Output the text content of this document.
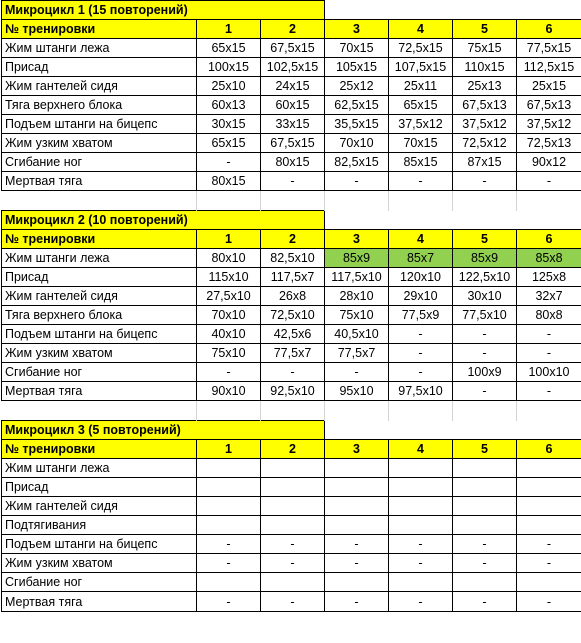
Микроцикл 1 (15 повторений)						
№ тренировки	1	2	3	4	5	6
Жим штанги лежа	65x15	67,5x15	70x15	72,5x15	75x15	77,5x15
Присад	100x15	102,5x15	105x15	107,5x15	110x15	112,5x15
Жим гантелей сидя	25x10	24x15	25x12	25x11	25x13	25x15
Тяга верхнего блока	60x13	60x15	62,5x15	65x15	67,5x13	67,5x13
Подъем штанги на бицепс	30x15	33x15	35,5x15	37,5x12	37,5x12	37,5x12
Жим узким хватом	65x15	67,5x15	70x10	70x15	72,5x12	72,5x13
Сгибание ног	-	80x15	82,5x15	85x15	87x15	90x12
Мертвая тяга	80x15	-	-	-	-	-

Микроцикл 2 (10 повторений)						
№ тренировки	1	2	3	4	5	6
Жим штанги лежа	80x10	82,5x10	85x9	85x7	85x9	85x8
Присад	115x10	117,5x7	117,5x10	120x10	122,5x10	125x8
Жим гантелей сидя	27,5x10	26x8	28x10	29x10	30x10	32x7
Тяга верхнего блока	70x10	72,5x10	75x10	77,5x9	77,5x10	80x8
Подъем штанги на бицепс	40x10	42,5x6	40,5x10	-	-	-
Жим узким хватом	75x10	77,5x7	77,5x7	-	-	-
Сгибание ног	-	-	-	-	100x9	100x10
Мертвая тяга	90x10	92,5x10	95x10	97,5x10	-	-

Микроцикл 3 (5 повторений)						
№ тренировки	1	2	3	4	5	6
Жим штанги лежа						
Присад						
Жим гантелей сидя						
Подтягивания						
Подъем штанги на бицепс	-	-	-	-	-	-
Жим узким хватом	-	-	-	-	-	-
Сгибание ног						
Мертвая тяга	-	-	-	-	-	-
